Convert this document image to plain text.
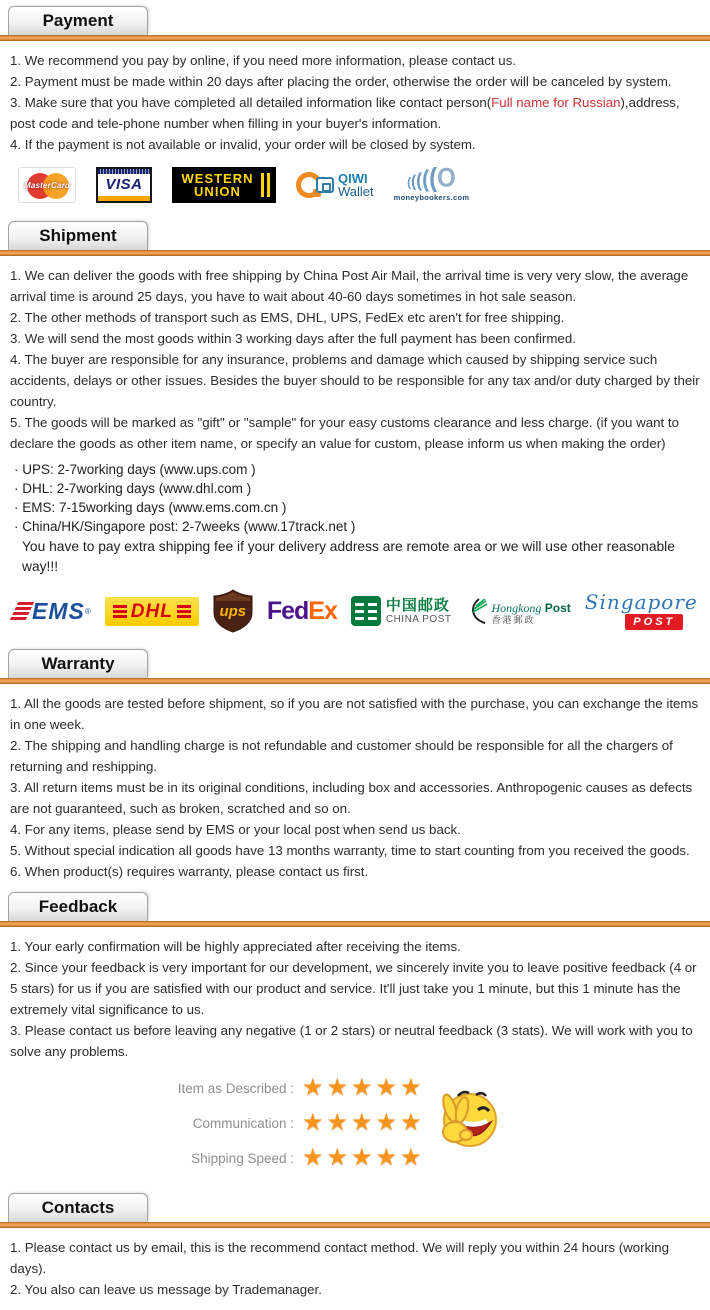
Payment

1. We recommend you pay by online, if you need more information, please contact us.

2. Payment must be made within 20 days after placing the order, otherwise the order will be canceled by system.

3. Make sure that you have completed all detailed information like contact person(Full name for Russian),address, post code and tele-phone number when filling in your buyer's information.

4. If the payment is not available or invalid, your order will be closed by system.

MasterCard	VISA	WESTERN
UNION
QIWI
Wallet
(((((O
moneybookers.com
Shipment

1. We can deliver the goods with free shipping by China Post Air Mail, the arrival time is very very slow, the average arrival time is around 25 days, you have to wait about 40-60 days sometimes in hot sale season.

2. The other methods of transport such as EMS, DHL, UPS, FedEx etc aren't for free shipping.

3. We will send the most goods within 3 working days after the full payment has been confirmed.

4. The buyer are responsible for any insurance, problems and damage which caused by shipping service such accidents, delays or other issues. Besides the buyer should to be responsible for any tax and/or duty charged by their country.

5. The goods will be marked as "gift" or "sample" for your easy customs clearance and less charge. (if you want to declare the goods as other item name, or specify an value for custom, please inform us when making the order)

· UPS: 2-7working days (www.ups.com )

· DHL: 2-7working days (www.dhl.com )

· EMS: 7-15working days (www.ems.com.cn )

· China/HK/Singapore post: 2-7weeks (www.17track.net )

You have to pay extra shipping fee if your delivery address are remote area or we will use other reasonable way!!!
EMS ® DHL	ups FedEx	中国邮政
CHINA POST
Hongkong Post
香港郵政
Singapore
POST
Warranty

1. All the goods are tested before shipment, so if you are not satisfied with the purchase, you can exchange the items in one week.

2. The shipping and handling charge is not refundable and customer should be responsible for all the chargers of returning and reshipping.

3. All return items must be in its original conditions, including box and accessories. Anthropogenic causes as defects are not guaranteed, such as broken, scratched and so on.

4. For any items, please send by EMS or your local post when send us back.

5. Without special indication all goods have 13 months warranty, time to start counting from you received the goods.

6. When product(s) requires warranty, please contact us first.

Feedback

1. Your early confirmation will be highly appreciated after receiving the items.

2. Since your feedback is very important for our development, we sincerely invite you to leave positive feedback (4 or 5 stars) for us if you are satisfied with our product and service. It'll just take you 1 minute, but this 1 minute has the extremely vital significance to us.

3. Please contact us before leaving any negative (1 or 2 stars) or neutral feedback (3 stats). We will work with you to solve any problems.

Item as Described : ★★★★★
Communication : ★★★★★
Shipping Speed : ★★★★★
Contacts

1. Please contact us by email, this is the recommend contact method. We will reply you within 24 hours (working days).

2. You also can leave us message by Trademanager.
